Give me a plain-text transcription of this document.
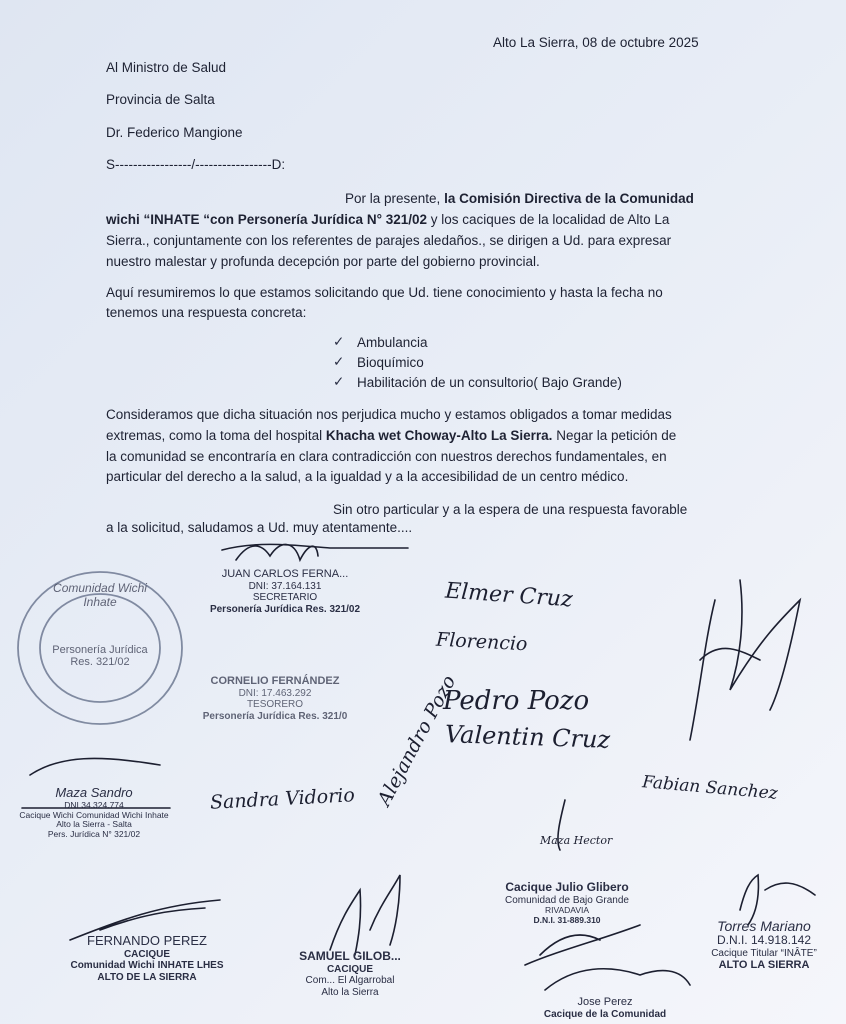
Alto La Sierra, 08 de octubre 2025
Al Ministro de Salud
Provincia de Salta
Dr. Federico Mangione
S-----------------/-----------------D:
Por la presente, la Comisión Directiva de la Comunidad
wichi “INHATE “con Personería Jurídica N° 321/02 y los caciques de la localidad de Alto La
Sierra., conjuntamente con los referentes de parajes aledaños., se dirigen a Ud. para expresar
nuestro malestar y profunda decepción por parte del gobierno provincial.
Aquí resumiremos lo que estamos solicitando que Ud. tiene conocimiento y hasta la fecha no
tenemos una respuesta concreta:
✓ Ambulancia
✓ Bioquímico
✓ Habilitación de un consultorio( Bajo Grande)
Consideramos que dicha situación nos perjudica mucho y estamos obligados a tomar medidas
extremas, como la toma del hospital Khacha wet Choway-Alto La Sierra. Negar la petición de
la comunidad se encontraría en clara contradicción con nuestros derechos fundamentales, en
particular del derecho a la salud, a la igualdad y a la accesibilidad de un centro médico.
Sin otro particular y a la espera de una respuesta favorable
a la solicitud, saludamos a Ud. muy atentamente....
Comunidad Wichi Inhate
Personería Jurídica
Res. 321/02
JUAN CARLOS FERNA...
DNI: 37.164.131
SECRETARIO
Personería Jurídica Res. 321/02
CORNELIO FERNÁNDEZ
DNI: 17.463.292
TESORERO
Personería Jurídica Res. 321/0
Maza Sandro
DNI 34.324.774
Cacique Wichi Comunidad Wichi Inhate
Alto la Sierra - Salta
Pers. Jurídica N° 321/02
Elmer Cruz
Florencio
Pedro Pozo
Valentin Cruz
Alejandro Pozo
Sandra Vidorio	Fabian Sanchez
Maza Hector
Cacique Julio Glibero
Comunidad de Bajo Grande
RIVADAVIA
D.N.I. 31-889.310	Torres Mariano
D.N.I. 14.918.142
Cacique Titular “INÂTE”
ALTO LA SIERRA
FERNANDO PEREZ
CACIQUE
Comunidad Wichi INHATE LHES
ALTO DE LA SIERRA
SAMUEL GILOB...
CACIQUE
Com... El Algarrobal
Alto la Sierra
Jose Perez
Cacique de la Comunidad
